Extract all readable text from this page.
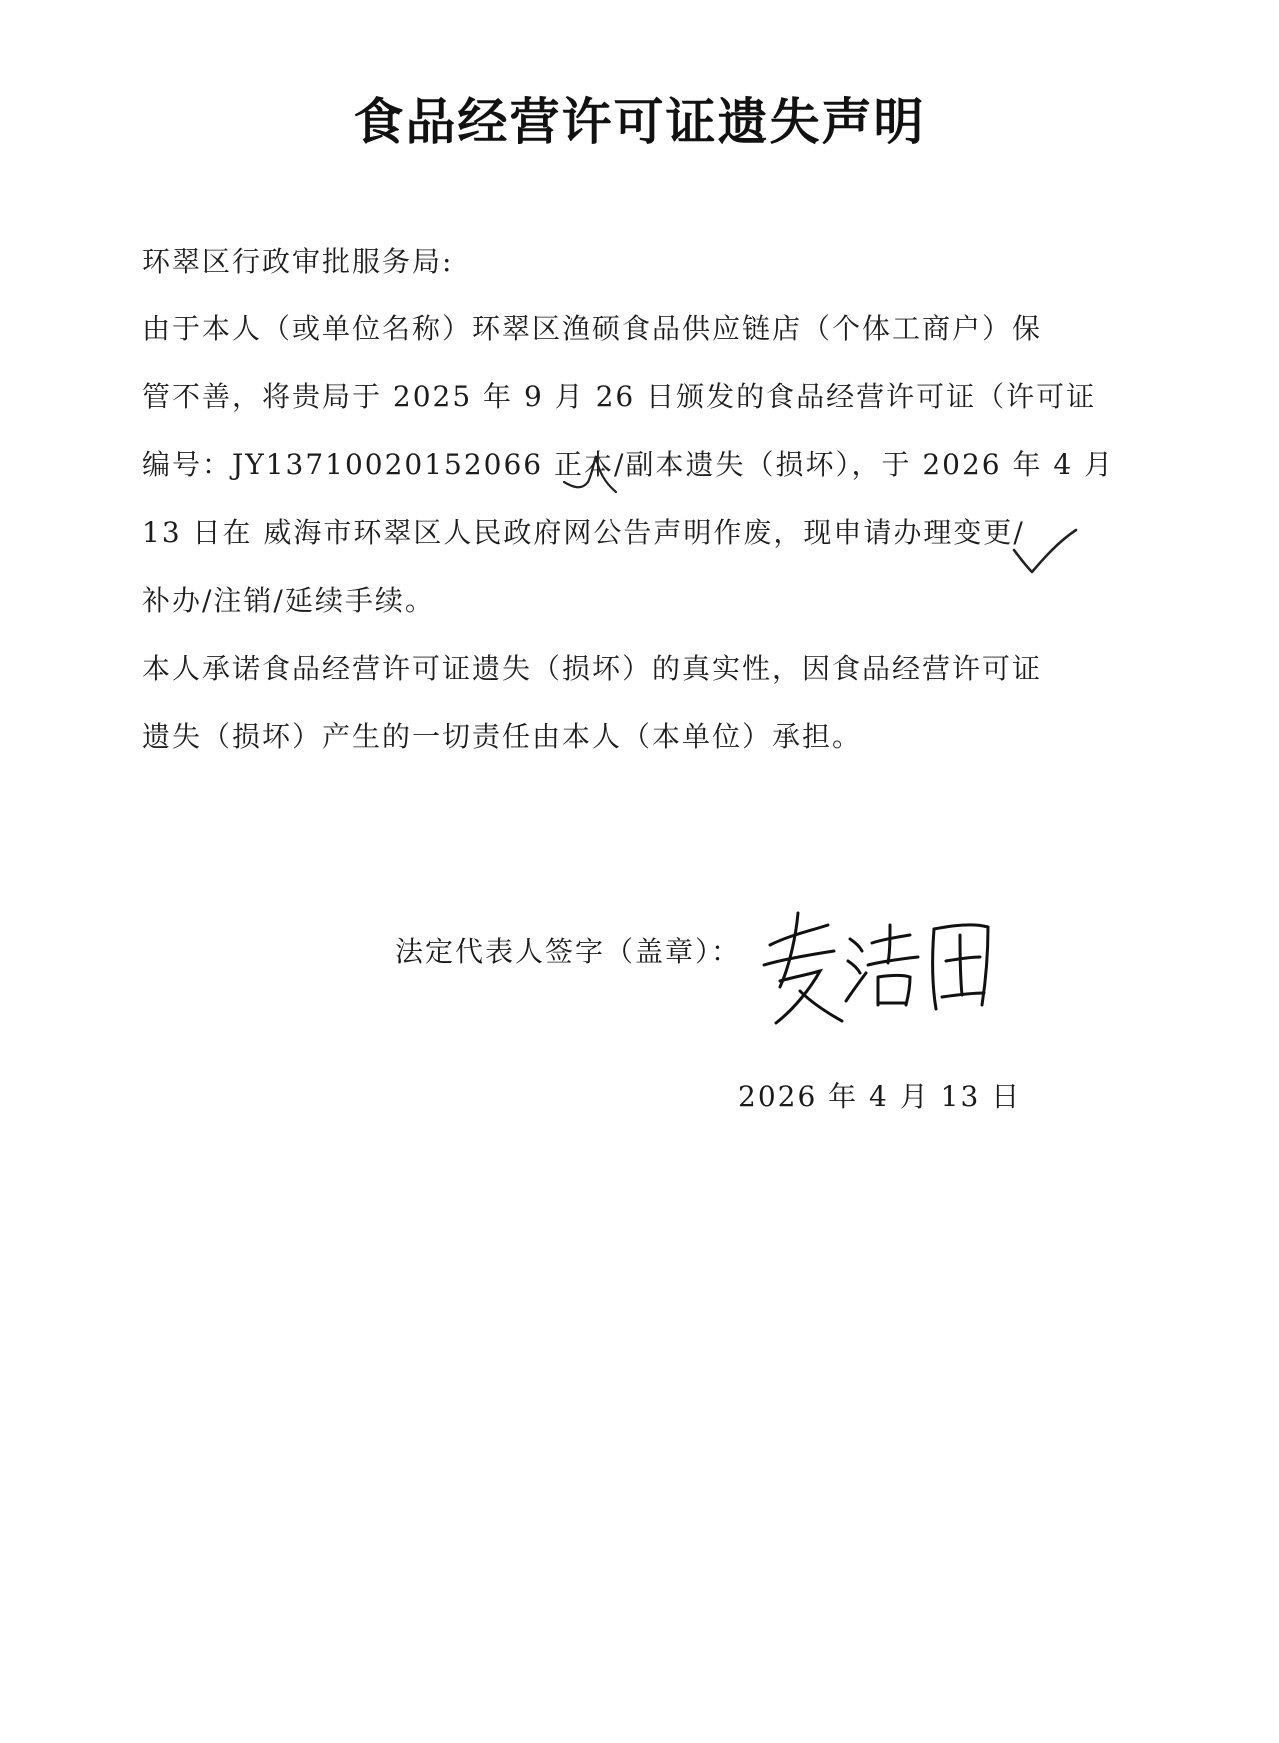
食品经营许可证遗失声明
环翠区行政审批服务局:
由于本人（或单位名称）环翠区渔硕食品供应链店（个体工商户）保
管不善，将贵局于 2025 年 9 月 26 日颁发的食品经营许可证（许可证
编号：JY13710020152066 正本/副本遗失（损坏），于 2026 年 4 月
13 日在 威海市环翠区人民政府网公告声明作废，现申请办理变更/
补办/注销/延续手续。
本人承诺食品经营许可证遗失（损坏）的真实性，因食品经营许可证
遗失（损坏）产生的一切责任由本人（本单位）承担。
法定代表人签字（盖章）：
2026 年 4 月 13 日
